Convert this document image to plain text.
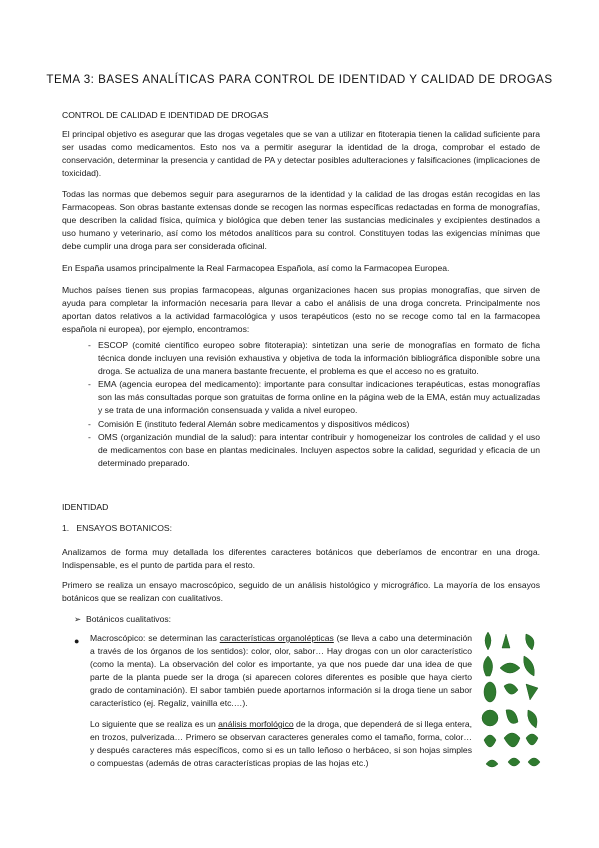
TEMA 3: BASES ANALÍTICAS PARA CONTROL DE IDENTIDAD Y CALIDAD DE DROGAS
CONTROL DE CALIDAD E IDENTIDAD DE DROGAS

El principal objetivo es asegurar que las drogas vegetales que se van a utilizar en fitoterapia tienen la calidad suficiente para ser usadas como medicamentos. Esto nos va a permitir asegurar la identidad de la droga, comprobar el estado de conservación, determinar la presencia y cantidad de PA y detectar posibles adulteraciones y falsificaciones (implicaciones de toxicidad).

Todas las normas que debemos seguir para asegurarnos de la identidad y la calidad de las drogas están recogidas en las Farmacopeas. Son obras bastante extensas donde se recogen las normas específicas redactadas en forma de monografías, que describen la calidad física, química y biológica que deben tener las sustancias medicinales y excipientes destinados a uso humano y veterinario, así como los métodos analíticos para su control. Constituyen todas las exigencias mínimas que debe cumplir una droga para ser considerada oficinal.

En España usamos principalmente la Real Farmacopea Española, así como la Farmacopea Europea.

Muchos países tienen sus propias farmacopeas, algunas organizaciones hacen sus propias monografías, que sirven de ayuda para completar la información necesaria para llevar a cabo el análisis de una droga concreta. Principalmente nos aportan datos relativos a la actividad farmacológica y usos terapéuticos (esto no se recoge como tal en la farmacopea española ni europea), por ejemplo, encontramos:

- ESCOP (comité científico europeo sobre fitoterapia): sintetizan una serie de monografías en formato de ficha técnica donde incluyen una revisión exhaustiva y objetiva de toda la información bibliográfica disponible sobre una droga. Se actualiza de una manera bastante frecuente, el problema es que el acceso no es gratuito.
- EMA (agencia europea del medicamento): importante para consultar indicaciones terapéuticas, estas monografías son las más consultadas porque son gratuitas de forma online en la página web de la EMA, están muy actualizadas y se trata de una información consensuada y valida a nivel europeo.
- Comisión E (instituto federal Alemán sobre medicamentos y dispositivos médicos)
- OMS (organización mundial de la salud): para intentar contribuir y homogeneizar los controles de calidad y el uso de medicamentos con base en plantas medicinales. Incluyen aspectos sobre la calidad, seguridad y eficacia de un determinado preparado.
IDENTIDAD
1. ENSAYOS BOTANICOS:

Analizamos de forma muy detallada los diferentes caracteres botánicos que deberíamos de encontrar en una droga. Indispensable, es el punto de partida para el resto.

Primero se realiza un ensayo macroscópico, seguido de un análisis histológico y micrográfico. La mayoría de los ensayos botánicos que se realizan con cualitativos.

➢ Botánicos cualitativos:
● Macroscópico: se determinan las características organolépticas (se lleva a cabo una determinación a través de los órganos de los sentidos): color, olor, sabor… Hay drogas con un olor característico (como la menta). La observación del color es importante, ya que nos puede dar una idea de que parte de la planta puede ser la droga (si aparecen colores diferentes es posible que haya cierto grado de contaminación). El sabor también puede aportarnos información si la droga tiene un sabor característico (ej. Regaliz, vainilla etc.…).

Lo siguiente que se realiza es un análisis morfológico de la droga, que dependerá de si llega entera, en trozos, pulverizada… Primero se observan caracteres generales como el tamaño, forma, color… y después caracteres más específicos, como si es un tallo leñoso o herbáceo, si son hojas simples o compuestas (además de otras características propias de las hojas etc.)
